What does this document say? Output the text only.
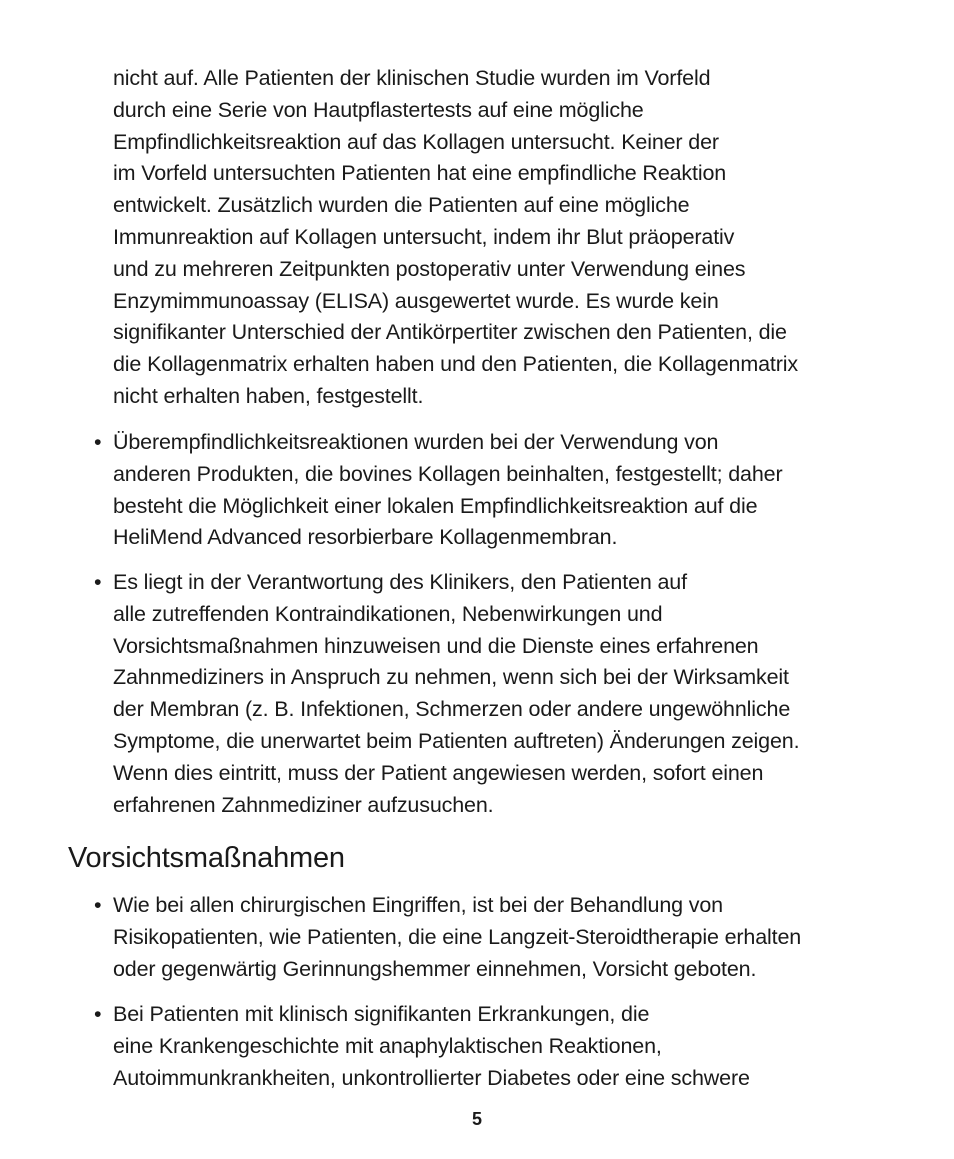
nicht auf. Alle Patienten der klinischen Studie wurden im Vorfeld
durch eine Serie von Hautpflastertests auf eine mögliche
Empfindlichkeitsreaktion auf das Kollagen untersucht. Keiner der
im Vorfeld untersuchten Patienten hat eine empfindliche Reaktion
entwickelt. Zusätzlich wurden die Patienten auf eine mögliche
Immunreaktion auf Kollagen untersucht, indem ihr Blut präoperativ
und zu mehreren Zeitpunkten postoperativ unter Verwendung eines
Enzymimmunoassay (ELISA) ausgewertet wurde. Es wurde kein
signifikanter Unterschied der Antikörpertiter zwischen den Patienten, die
die Kollagenmatrix erhalten haben und den Patienten, die Kollagenmatrix
nicht erhalten haben, festgestellt.
• Überempfindlichkeitsreaktionen wurden bei der Verwendung von
anderen Produkten, die bovines Kollagen beinhalten, festgestellt; daher
besteht die Möglichkeit einer lokalen Empfindlichkeitsreaktion auf die
HeliMend Advanced resorbierbare Kollagenmembran.
• Es liegt in der Verantwortung des Klinikers, den Patienten auf
alle zutreffenden Kontraindikationen, Nebenwirkungen und
Vorsichtsmaßnahmen hinzuweisen und die Dienste eines erfahrenen
Zahnmediziners in Anspruch zu nehmen, wenn sich bei der Wirksamkeit
der Membran (z. B. Infektionen, Schmerzen oder andere ungewöhnliche
Symptome, die unerwartet beim Patienten auftreten) Änderungen zeigen.
Wenn dies eintritt, muss der Patient angewiesen werden, sofort einen
erfahrenen Zahnmediziner aufzusuchen.
Vorsichtsmaßnahmen
• Wie bei allen chirurgischen Eingriffen, ist bei der Behandlung von
Risikopatienten, wie Patienten, die eine Langzeit-Steroidtherapie erhalten
oder gegenwärtig Gerinnungshemmer einnehmen, Vorsicht geboten.
• Bei Patienten mit klinisch signifikanten Erkrankungen, die
eine Krankengeschichte mit anaphylaktischen Reaktionen,
Autoimmunkrankheiten, unkontrollierter Diabetes oder eine schwere
5
